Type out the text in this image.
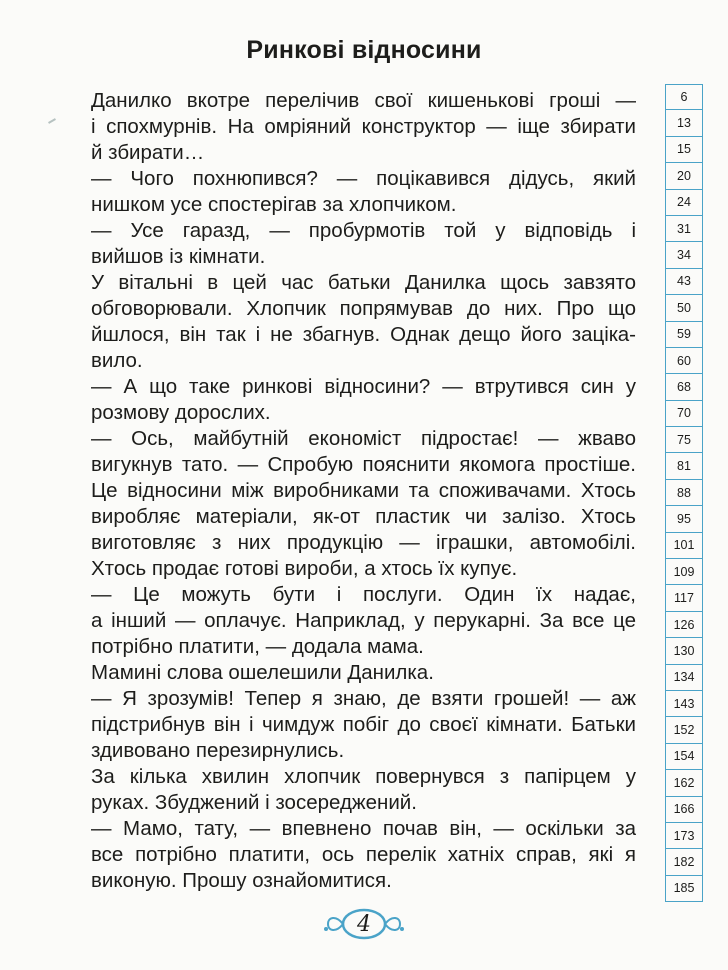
Ринкові відносини
Данилко вкотре перелічив свої кишенькові гроші —
і спохмурнів. На омріяний конструктор — іще збирати
й збирати…
— Чого похнюпився? — поцікавився дідусь, який
нишком усе спостерігав за хлопчиком.
— Усе гаразд, — пробурмотів той у відповідь і
вийшов із кімнати.
У вітальні в цей час батьки Данилка щось завзято
обговорювали. Хлопчик попрямував до них. Про що
йшлося, він так і не збагнув. Однак дещо його зацікa-
вило.
— А що таке ринкові відносини? — втрутився син у
розмову дорослих.
— Ось, майбутній економіст підростає! — жваво
вигукнув тато. — Спробую пояснити якомога простіше.
Це відносини між виробниками та споживачами. Хтось
виробляє матеріали, як-от пластик чи залізо. Хтось
виготовляє з них продукцію — іграшки, автомобілі.
Хтось продає готові вироби, а хтось їх купує.
— Це можуть бути і послуги. Один їх надає,
а інший — оплачує. Наприклад, у перукарні. За все це
потрібно платити, — додала мама.
Мамині слова ошелешили Данилка.
— Я зрозумів! Тепер я знаю, де взяти грошей! — аж
підстрибнув він і чимдуж побіг до своєї кімнати. Батьки
здивовано перезирнулись.
За кілька хвилин хлопчик повернувся з папірцем у
руках. Збуджений і зосереджений.
— Мамо, тату, — впевнено почав він, — оскільки за
все потрібно платити, ось перелік хатніх справ, які я
виконую. Прошу ознайомитися.
6
13
15
20
24
31
34
43
50
59
60
68
70
75
81
88
95
101
109
117
126
130
134
143
152
154
162
166
173
182
185
4
